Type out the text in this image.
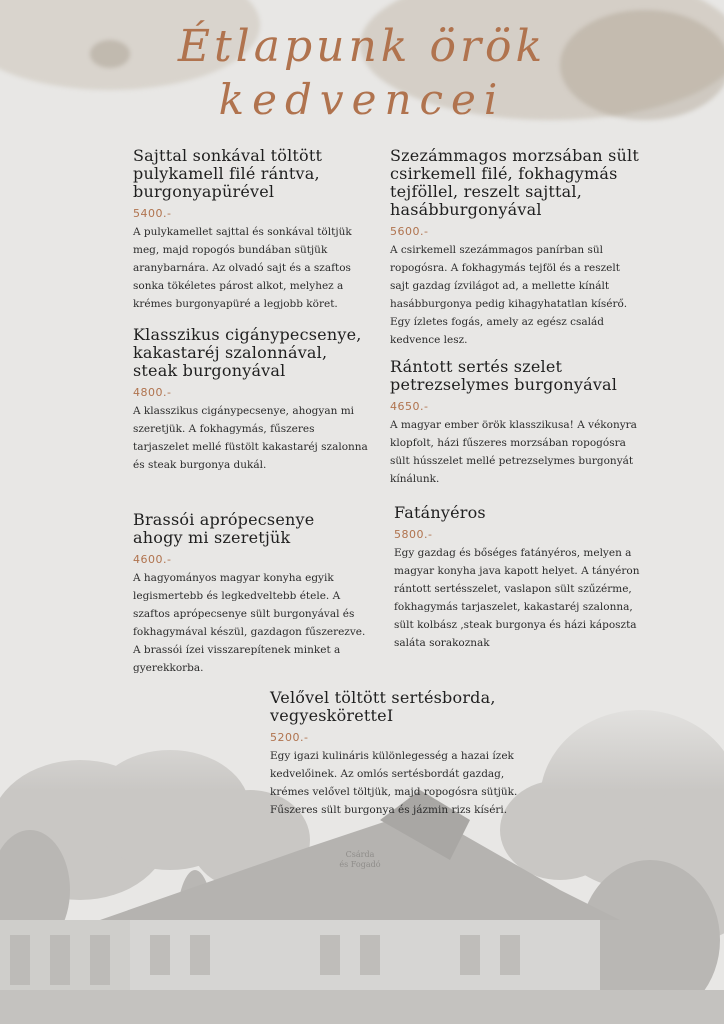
Étlapunk örök
kedvencei
Sajttal sonkával töltött pulykamell filé rántva, burgonyapürével
5400.-

A pulykamellet sajttal és sonkával töltjük meg, majd ropogós bundában sütjük aranybarnára. Az olvadó sajt és a szaftos sonka tökéletes párost alkot, melyhez a krémes burgonyapüré a legjobb köret.

Szezámmagos morzsában sült csirkemell filé, fokhagymás tejföllel, reszelt sajttal, hasábburgonyával
5600.-

A csirkemell szezámmagos panírban sül ropogósra. A fokhagymás tejföl és a reszelt sajt gazdag ízvilágot ad, a mellette kínált hasábburgonya pedig kihagyhatatlan kísérő. Egy ízletes fogás, amely az egész család kedvence lesz.

Klasszikus cigánypecsenye, kakastaréj szalonnával, steak burgonyával
4800.-

A klasszikus cigánypecsenye, ahogyan mi szeretjük. A fokhagymás, fűszeres tarjaszelet mellé füstölt kakastaréj szalonna és steak burgonya dukál.

Rántott sertés szelet petrezselymes burgonyával
4650.-

A magyar ember örök klasszikusa! A vékonyra klopfolt, házi fűszeres morzsában ropogósra sült hússzelet mellé petrezselymes burgonyát kínálunk.

Brassói aprópecsenye ahogy mi szeretjük
4600.-

A hagyományos magyar konyha egyik legismertebb és legkedveltebb étele. A szaftos aprópecsenye sült burgonyával és fokhagymával készül, gazdagon fűszerezve. A brassói ízei visszarepítenek minket a gyerekkorba.

Fatányéros
5800.-

Egy gazdag és bőséges fatányéros, melyen a magyar konyha java kapott helyet. A tányéron rántott sertésszelet, vaslapon sült szűzérme, fokhagymás tarjaszelet, kakastaréj szalonna, sült kolbász ,steak burgonya és házi káposzta saláta sorakoznak

Velővel töltött sertésborda, vegyesköretteI
5200.-

Egy igazi kulináris különlegesség a hazai ízek kedvelőinek. Az omlós sertésbordát gazdag, krémes velővel töltjük, majd ropogósra sütjük. Fűszeres sült burgonya és jázmin rizs kíséri.

Csárda
és Fogadó
